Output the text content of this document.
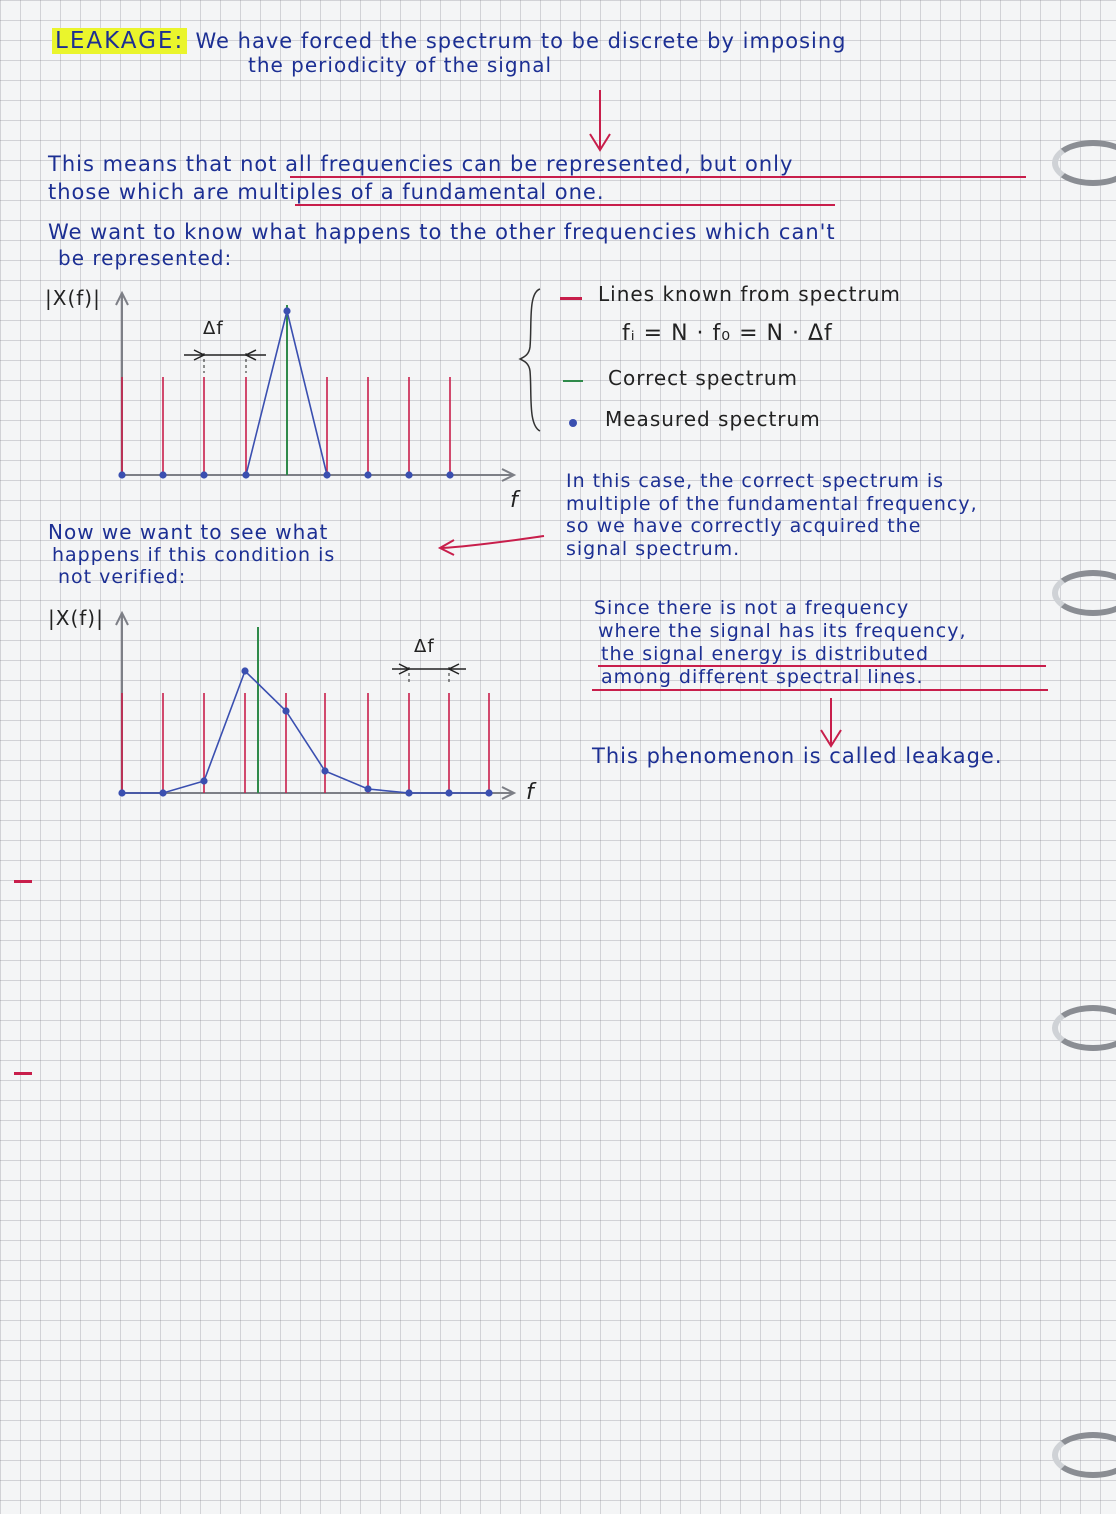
LEAKAGE: We have forced the spectrum to be discrete by imposing
the periodicity of the signal
This means that not all frequencies can be represented, but only
those which are multiples of a fundamental one.
We want to know what happens to the other frequencies which can't
be represented:
|X(f)|
Δf
f
Lines known from spectrum
fᵢ = N · f₀ = N · Δf
Correct spectrum
Measured spectrum
In this case, the correct spectrum is
multiple of the fundamental frequency,
so we have correctly acquired the
signal spectrum.
Now we want to see what
happens if this condition is
not verified:
|X(f)|
Δf
f
Since there is not a frequency
where the signal has its frequency,
the signal energy is distributed
among different spectral lines.
This phenomenon is called leakage.
